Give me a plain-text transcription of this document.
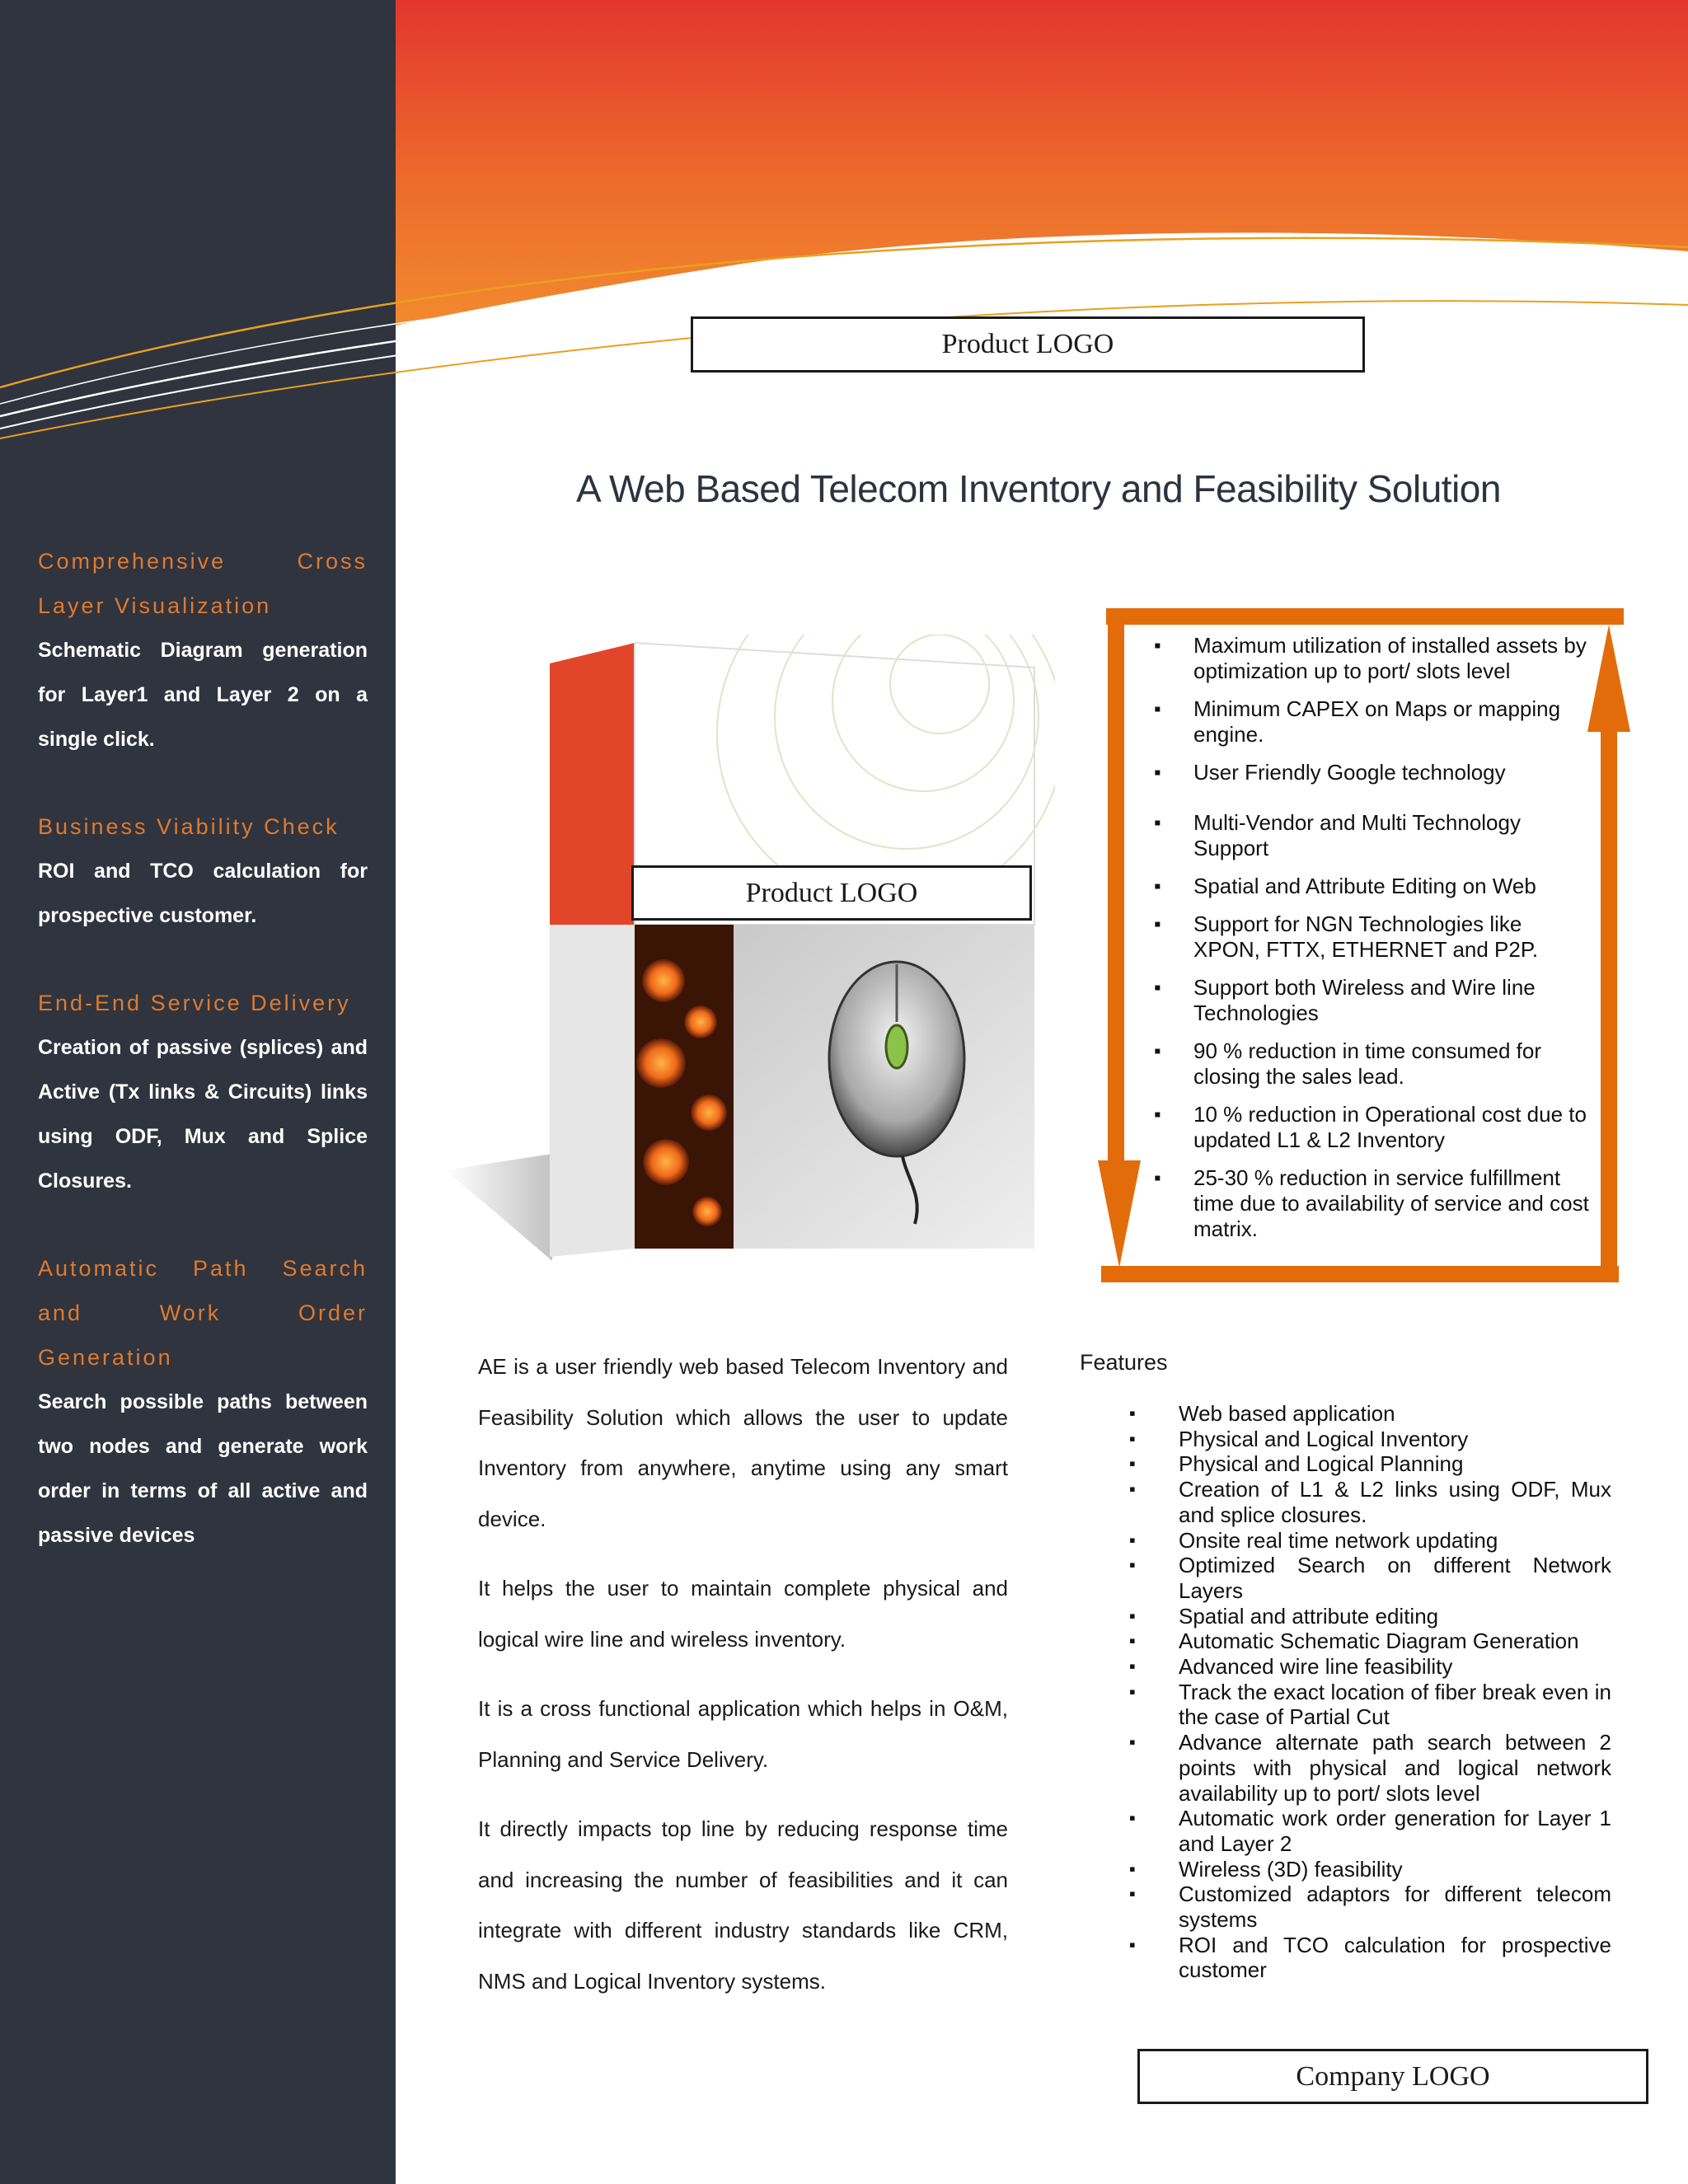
Product LOGO
A Web Based Telecom Inventory and Feasibility Solution
Comprehensive Cross Layer Visualization
Schematic Diagram generation for Layer1 and Layer 2 on a single click.
Business Viability Check
ROI and TCO calculation for prospective customer.
End-End Service Delivery
Creation of passive (splices) and Active (Tx links & Circuits) links using ODF, Mux and Splice Closures.
Automatic Path Search and Work Order Generation
Search possible paths between two nodes and generate work order in terms of all active and passive devices
Product LOGO
▪ Maximum utilization of installed assets by optimization up to port/ slots level
▪ Minimum CAPEX on Maps or mapping engine.
▪ User Friendly Google technology
▪ Multi-Vendor and Multi Technology Support
▪ Spatial and Attribute Editing on Web
▪ Support for NGN Technologies like XPON, FTTX, ETHERNET and P2P.
▪ Support both Wireless and Wire line Technologies
▪ 90 % reduction in time consumed for closing the sales lead.
▪ 10 % reduction in Operational cost due to updated L1 & L2 Inventory
▪ 25-30 % reduction in service fulfillment time due to availability of service and cost matrix.

AE is a user friendly web based Telecom Inventory and Feasibility Solution which allows the user to update Inventory from anywhere, anytime using any smart device.

It helps the user to maintain complete physical and logical wire line and wireless inventory.

It is a cross functional application which helps in O&M, Planning and Service Delivery.

It directly impacts top line by reducing response time and increasing the number of feasibilities and it can integrate with different industry standards like CRM, NMS and Logical Inventory systems.

Features
▪ Web based application
▪ Physical and Logical Inventory
▪ Physical and Logical Planning
▪ Creation of L1 & L2 links using ODF, Mux and splice closures.
▪ Onsite real time network updating
▪ Optimized Search on different Network Layers
▪ Spatial and attribute editing
▪ Automatic Schematic Diagram Generation
▪ Advanced wire line feasibility
▪ Track the exact location of fiber break even in the case of Partial Cut
▪ Advance alternate path search between 2 points with physical and logical network availability up to port/ slots level
▪ Automatic work order generation for Layer 1 and Layer 2
▪ Wireless (3D) feasibility
▪ Customized adaptors for different telecom systems
▪ ROI and TCO calculation for prospective customer
Company LOGO
